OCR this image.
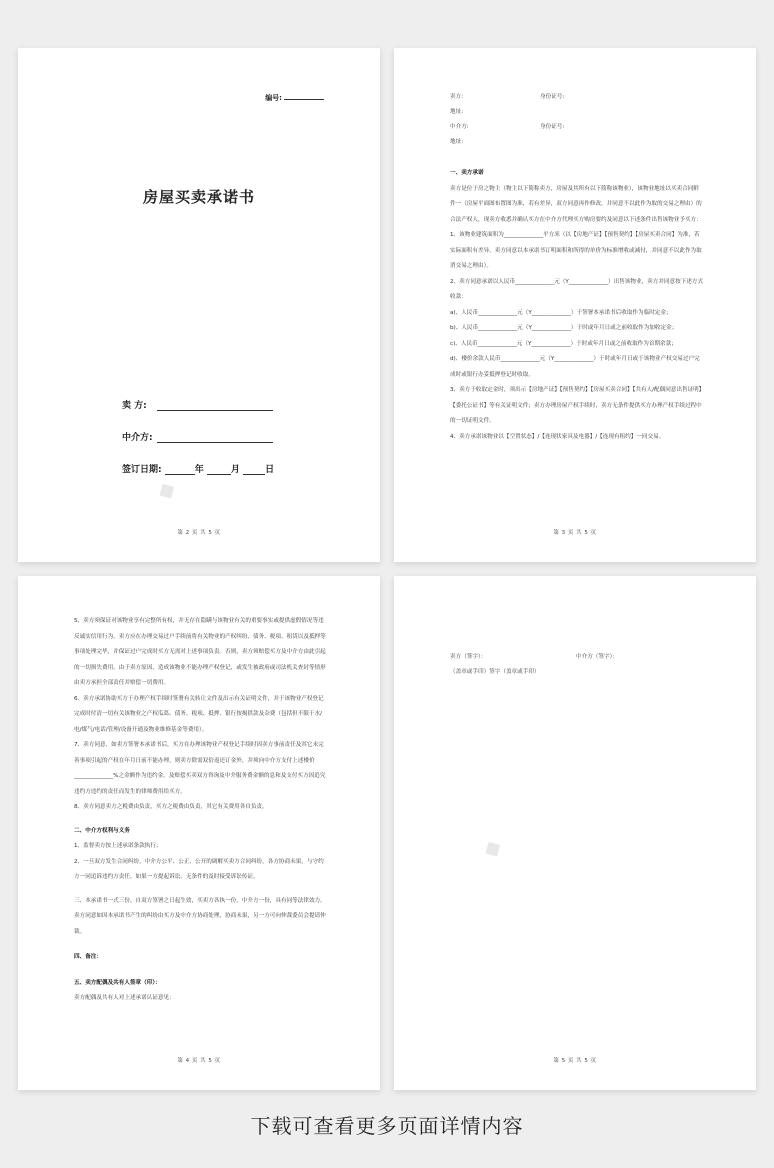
编号:
房屋买卖承诺书
卖 方:
中介方:
签订日期:	年	月	日
◆
第 2 页 共 5 页
卖方:	身份证号:
地址:
中介方:	身份证号:
地址:

一、卖方承诺

卖方是位于房之物主（物主以下简称卖方，房屋及其所有以下简称该物业），该物业地址以买卖合同附件一（房屋平面图布置图为准，若有差异，双方同意再作修改，并同意不以此作为取的交易之理由）的合法产权人，现卖方收悉并确认买方在中介方代理买方购房要约及同意以下述条件出售该物业予买方：

1、该物业建筑面积为______________平方米（以【房地产证】【预售契约】【房屋买卖合同】为准，若实际面积有差异，卖方同意以本承诺书订明面积和所得的单价为标准增收或减付，并同意不以此作为取消交易之理由）。

2、卖方同意承诺以人民币______________元（Y______________）出售该物业，卖方并同意按下述方式收款：

a)、人民币______________元（Y______________）于签署本承诺书后收取作为临时定金；

b)、人民币______________元（Y______________）于时或年月日或之前收取作为加收定金；

c)、人民币______________元（Y______________）于时或年月日或之前收取作为首期余款；

d)、楼价余款人民币______________元（Y______________）于时或年月日或于该物业产权交易过户完成时或银行办妥抵押登记时收取。

3、卖方于收取定金时，须出示【房地产证】【预售契约】【房屋买卖合同】【共有人/配偶同意出售证明】【委托公证书】等有关证明文件；卖方办理房屋产权手续时，卖方无条件提供买方办理产权手续过程中的一切证明文件。

4、卖方承诺该物业以【空置状态】/【连现状家具及电器】/【连现有租约】一同交易。

第 3 页 共 5 页

5、卖方须保证对该物业享有完整所有权，并无存在隐瞒与该物业有关的重要事实或提供虚假情况等违反诚实信用行为，卖方应在办理交易过户手续前将有关物业的产权纠纷、债务、税项、租赁以及抵押等事项处理完毕，并保证过户完成时买方无需对上述事项负责。否则，卖方须赔偿买方及中介方由此引起的一切损失费用。由于卖方原因，造成该物业不能办理产权登记，或发生被政府或司法机关查封等情形由卖方承担全部责任并赔偿一切费用。

6、卖方承诺协助买方于办理产权手续时签署有关转让文件及出示有关证明文件，并于该物业产权登记完成时付清一切有关该物业之产权瓜葛、债务、税项、抵押、银行按揭供款及杂费（包括但不限于水/电/煤气/电话/管理/设备开通及物业维修基金等费用）。

7、卖方同意，如卖方签署本承诺书后，买方在办理该物业产权登记手续时因卖方事前责任及其它未完善事项引起的产权在年月日前不能办理，则卖方除需双倍返还订金外，并须向中介方支付上述楼价______________%之金额作为违约金。及赔偿买卖双方咨询及中介服务费金额的息和及支付买方因追究违约方违约的责任而发生的律师费用给买方。

8、卖方同意卖方之税费由负责，买方之税费由负责，其它有关费用各自负责。

二、中介方权利与义务

1、监督卖方按上述承诺条款执行；

2、一旦双方发生合同纠纷，中介方公平、公正、公开的调解买卖方合同纠纷，各方协商未果，与守约方一同追诉违约方责任，如果一方提起诉讼，无条件的及时接受诉讼传证。

三、本承诺书一式三份，自双方签署之日起生效，买卖方各执一份，中介方一份，具有同等法律效力。卖方同意如因本承诺书产生的纠纷由买方及中介方协商处理，协商未果，另一方可向仲裁委员会提请仲裁。

四、备注：

五、卖方配偶及共有人签章（印）：

卖方配偶及共有人对上述承诺认证意见：

第 4 页 共 5 页
卖方（签字）：	中介方（签字）：
（盖章或手印）签字（盖章或手印）
◆
第 5 页 共 5 页
下载可查看更多页面详情内容
